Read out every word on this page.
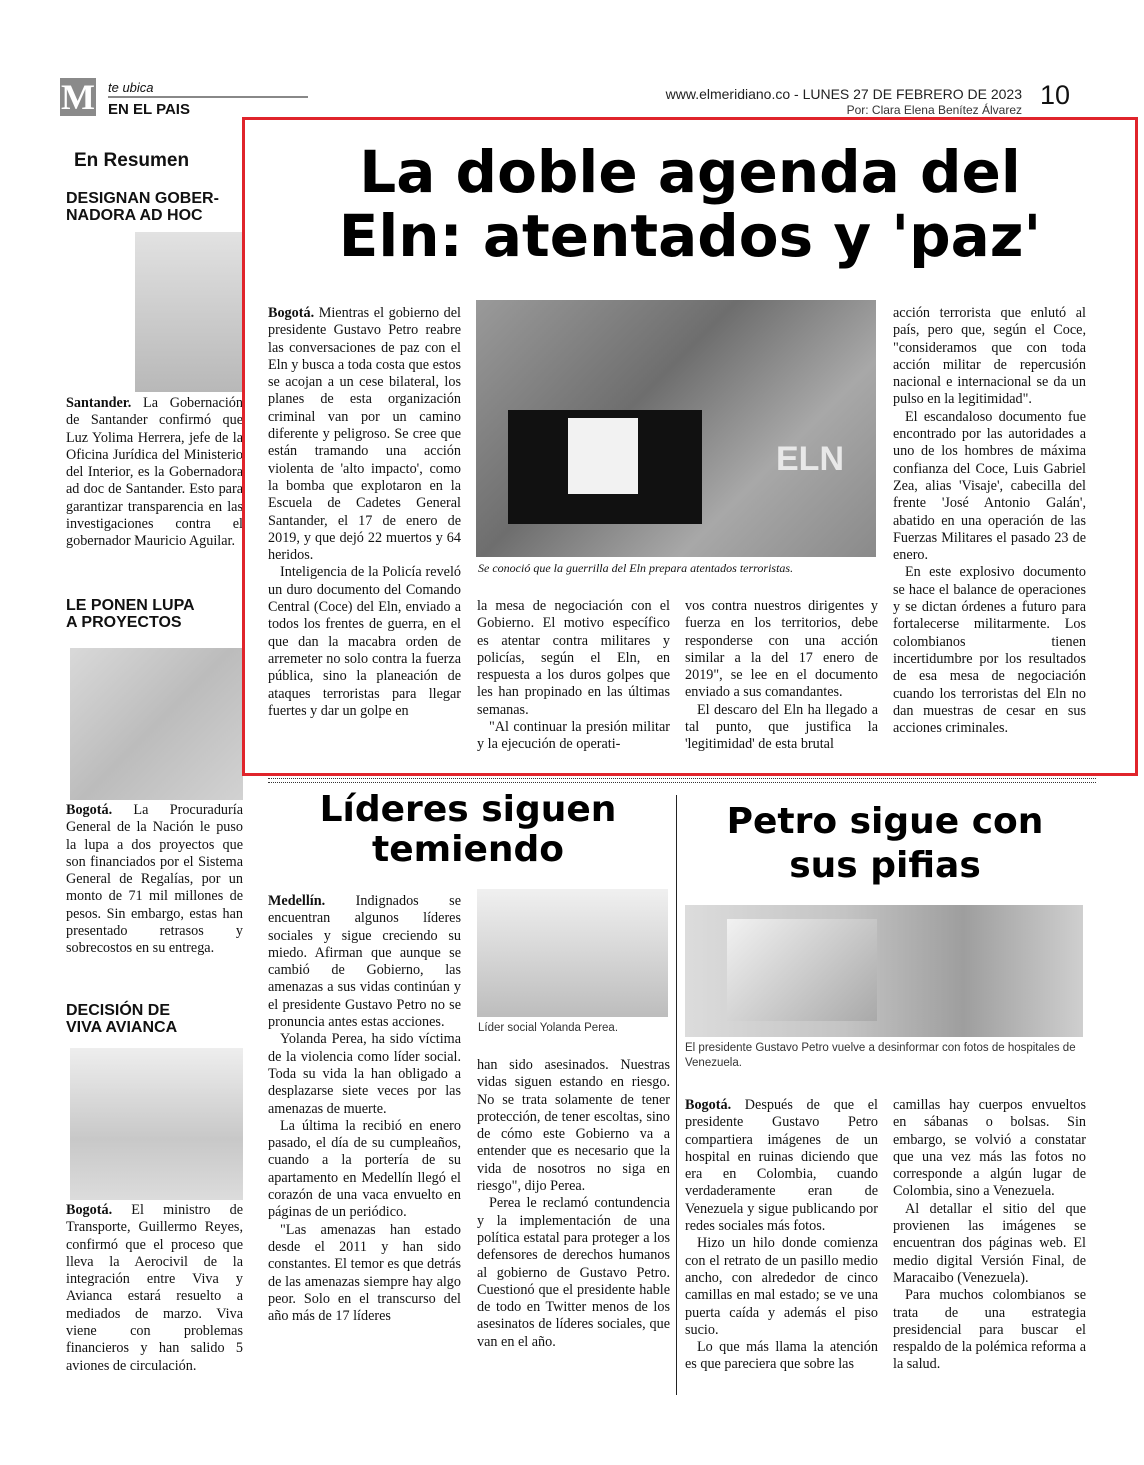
M te ubica
EN EL PAIS
www.elmeridiano.co - LUNES 27 DE FEBRERO DE 2023
Por: Clara Elena Benítez Álvarez 10
En Resumen
DESIGNAN GOBER-
NADORA AD HOC

Santander. La Gobernación de Santander confirmó que Luz Yolima Herrera, jefe de la Oficina Jurídica del Ministerio del Interior, es la Gobernadora ad doc de Santander. Esto para garantizar transparencia en las investigaciones contra el gobernador Mauricio Aguilar.

LE PONEN LUPA
A PROYECTOS

Bogotá. La Procuraduría General de la Nación le puso la lupa a dos proyectos que son financiados por el Sistema General de Regalías, por un monto de 71 mil millones de pesos. Sin embargo, estas han presentado retrasos y sobrecostos en su entrega.

DECISIÓN DE
VIVA AVIANCA

Bogotá. El ministro de Transporte, Guillermo Reyes, confirmó que el proceso que lleva la Aerocivil de la integración entre Viva y Avianca estará resuelto a mediados de marzo. Viva viene con problemas financieros y han salido 5 aviones de circulación.

La doble agenda del
Eln: atentados y 'paz'

Bogotá. Mientras el gobierno del presidente Gustavo Petro reabre las conversaciones de paz con el Eln y busca a toda costa que estos se acojan a un cese bilateral, los planes de esta organización criminal van por un camino diferente y peligroso. Se cree que están tramando una acción violenta de 'alto impacto', como la bomba que explotaron en la Escuela de Cadetes General Santander, el 17 de enero de 2019, y que dejó 22 muertos y 64 heridos.

Inteligencia de la Policía reveló un duro documento del Comando Central (Coce) del Eln, enviado a todos los frentes de guerra, en el que dan la macabra orden de arremeter no solo contra la fuerza pública, sino la planeación de ataques terroristas para llegar fuertes y dar un golpe en

ELN
Se conoció que la guerrilla del Eln prepara atentados terroristas.

la mesa de negociación con el Gobierno. El motivo específico es atentar contra militares y policías, según el Eln, en respuesta a los duros golpes que les han propinado en las últimas semanas.

"Al continuar la presión militar y la ejecución de operati-

vos contra nuestros dirigentes y fuerza en los territorios, debe responderse con una acción similar a la del 17 enero de 2019", se lee en el documento enviado a sus comandantes.

El descaro del Eln ha llegado a tal punto, que justifica la 'legitimidad' de esta brutal

acción terrorista que enlutó al país, pero que, según el Coce, "consideramos que con toda acción militar de repercusión nacional e internacional se da un pulso en la legitimidad".

El escandaloso documento fue encontrado por las autoridades a uno de los hombres de máxima confianza del Coce, Luis Gabriel Zea, alias 'Visaje', cabecilla del frente 'José Antonio Galán', abatido en una operación de las Fuerzas Militares el pasado 23 de enero.

En este explosivo documento se hace el balance de operaciones y se dictan órdenes a futuro para fortalecerse militarmente. Los colombianos tienen incertidumbre por los resultados de esa mesa de negociación cuando los terroristas del Eln no dan muestras de cesar en sus acciones criminales.

Líderes siguen
temiendo

Medellín. Indignados se encuentran algunos líderes sociales y sigue creciendo su miedo. Afirman que aunque se cambió de Gobierno, las amenazas a sus vidas continúan y el presidente Gustavo Petro no se pronuncia antes estas acciones.

Yolanda Perea, ha sido víctima de la violencia como líder social. Toda su vida la han obligado a desplazarse siete veces por las amenazas de muerte.

La última la recibió en enero pasado, el día de su cumpleaños, cuando a la portería de su apartamento en Medellín llegó el corazón de una vaca envuelto en páginas de un periódico.

"Las amenazas han estado desde el 2011 y han sido constantes. El temor es que detrás de las amenazas siempre hay algo peor. Solo en el transcurso del año más de 17 líderes

Líder social Yolanda Perea.

han sido asesinados. Nuestras vidas siguen estando en riesgo. No se trata solamente de tener protección, de tener escoltas, sino de cómo este Gobierno va a entender que es necesario que la vida de nosotros no siga en riesgo", dijo Perea.

Perea le reclamó contundencia y la implementación de una política estatal para proteger a los defensores de derechos humanos al gobierno de Gustavo Petro. Cuestionó que el presidente hable de todo en Twitter menos de los asesinatos de líderes sociales, que van en el año.

Petro sigue con
sus pifias
El presidente Gustavo Petro vuelve a desinformar con fotos de hospitales de Venezuela.

Bogotá. Después de que el presidente Gustavo Petro compartiera imágenes de un hospital en ruinas diciendo que era en Colombia, cuando verdaderamente eran de Venezuela y sigue publicando por redes sociales más fotos.

Hizo un hilo donde comienza con el retrato de un pasillo medio ancho, con alrededor de cinco camillas en mal estado; se ve una puerta caída y además el piso sucio.

Lo que más llama la atención es que pareciera que sobre las

camillas hay cuerpos envueltos en sábanas o bolsas. Sin embargo, se volvió a constatar que una vez más las fotos no corresponde a algún lugar de Colombia, sino a Venezuela.

Al detallar el sitio del que provienen las imágenes se encuentran dos páginas web. El medio digital Versión Final, de Maracaibo (Venezuela).

Para muchos colombianos se trata de una estrategia presidencial para buscar el respaldo de la polémica reforma a la salud.
